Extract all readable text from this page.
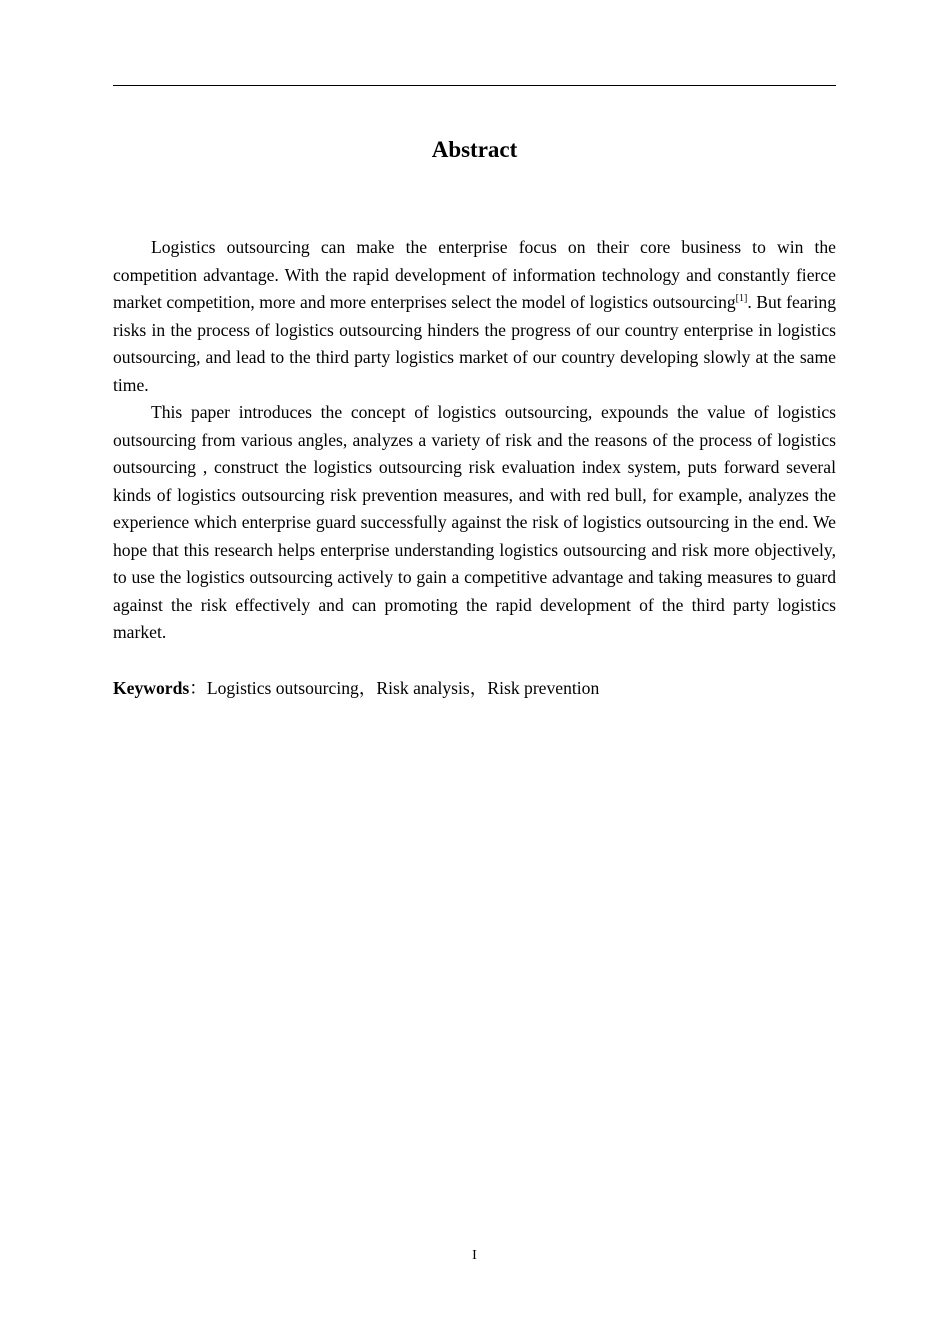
Abstract

Logistics outsourcing can make the enterprise focus on their core business to win the competition advantage. With the rapid development of information technology and constantly fierce market competition, more and more enterprises select the model of logistics outsourcing[1]. But fearing risks in the process of logistics outsourcing hinders the progress of our country enterprise in logistics outsourcing, and lead to the third party logistics market of our country developing slowly at the same time.

This paper introduces the concept of logistics outsourcing, expounds the value of logistics outsourcing from various angles, analyzes a variety of risk and the reasons of the process of logistics outsourcing , construct the logistics outsourcing risk evaluation index system, puts forward several kinds of logistics outsourcing risk prevention measures, and with red bull, for example, analyzes the experience which enterprise guard successfully against the risk of logistics outsourcing in the end. We hope that this research helps enterprise understanding logistics outsourcing and risk more objectively, to use the logistics outsourcing actively to gain a competitive advantage and taking measures to guard against the risk effectively and can promoting the rapid development of the third party logistics market.

Keywords：Logistics outsourcing，Risk analysis，Risk prevention

I
